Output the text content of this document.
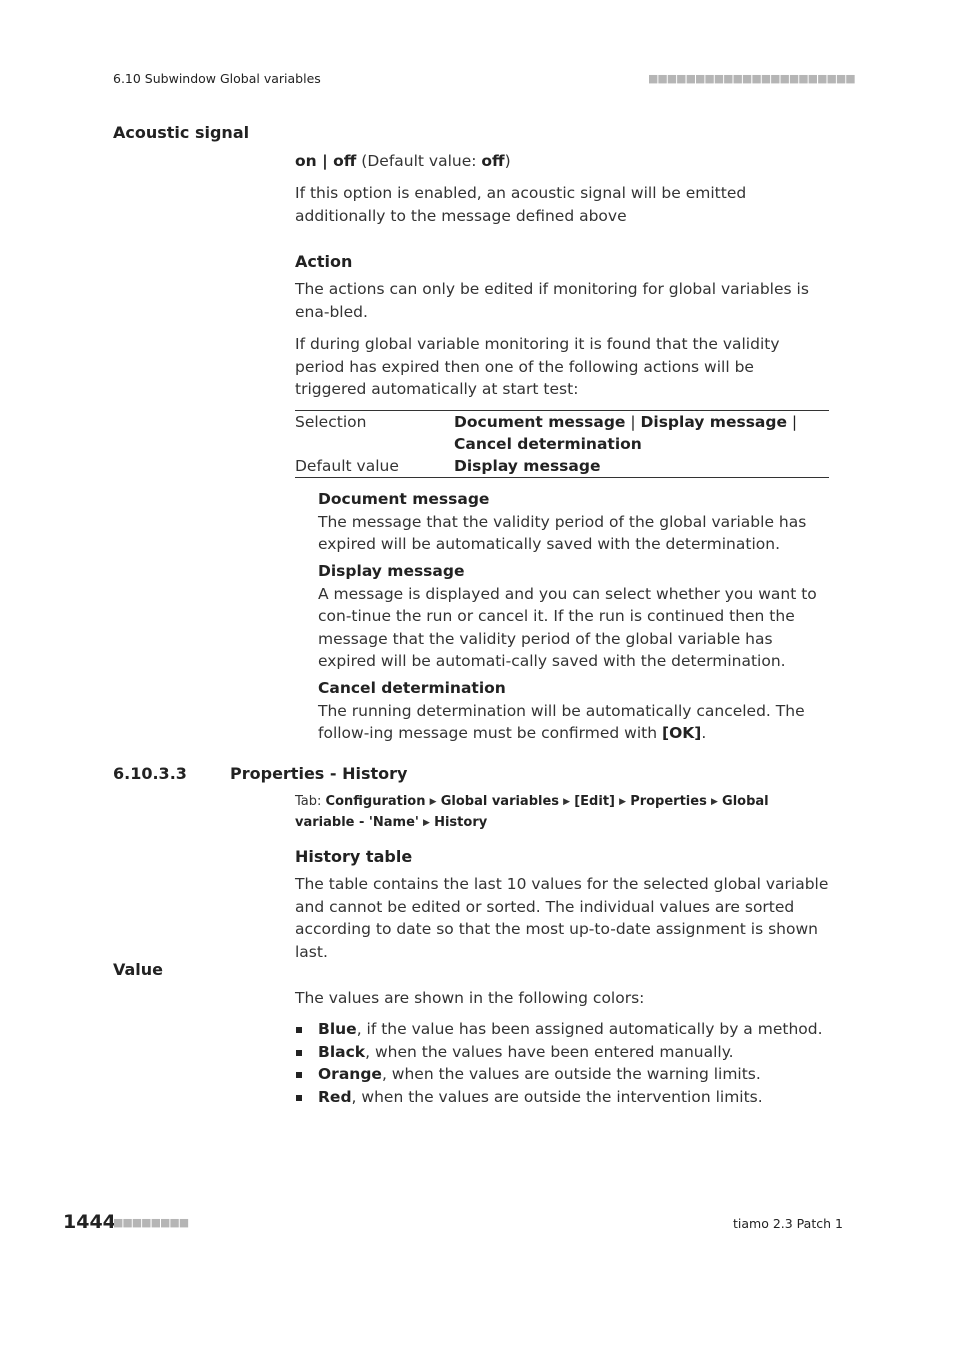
6.10 Subwindow Global variables	■■■■■■■■■■■■■■■■■■■■■■
Acoustic signal
on | off (Default value: off)
If this option is enabled, an acoustic signal will be emitted additionally to the message defined above
Action
The actions can only be edited if monitoring for global variables is ena-bled.
If during global variable monitoring it is found that the validity period has expired then one of the following actions will be triggered automatically at start test:
Selection	Document message | Display message | Cancel determination
Default value	Display message
Document message
The message that the validity period of the global variable has expired will be automatically saved with the determination.
Display message
A message is displayed and you can select whether you want to con-tinue the run or cancel it. If the run is continued then the message that the validity period of the global variable has expired will be automati-cally saved with the determination.
Cancel determination
The running determination will be automatically canceled. The follow-ing message must be confirmed with [OK].
6.10.3.3	Properties - History
Tab: Configuration ▶ Global variables ▶ [Edit] ▶ Properties ▶ Global variable - 'Name' ▶ History
History table
The table contains the last 10 values for the selected global variable and cannot be edited or sorted. The individual values are sorted according to date so that the most up-to-date assignment is shown last.
Value
The values are shown in the following colors:
Blue, if the value has been assigned automatically by a method.
Black, when the values have been entered manually.
Orange, when the values are outside the warning limits.
Red, when the values are outside the intervention limits.
1444
■■■■■■■■	tiamo 2.3 Patch 1
